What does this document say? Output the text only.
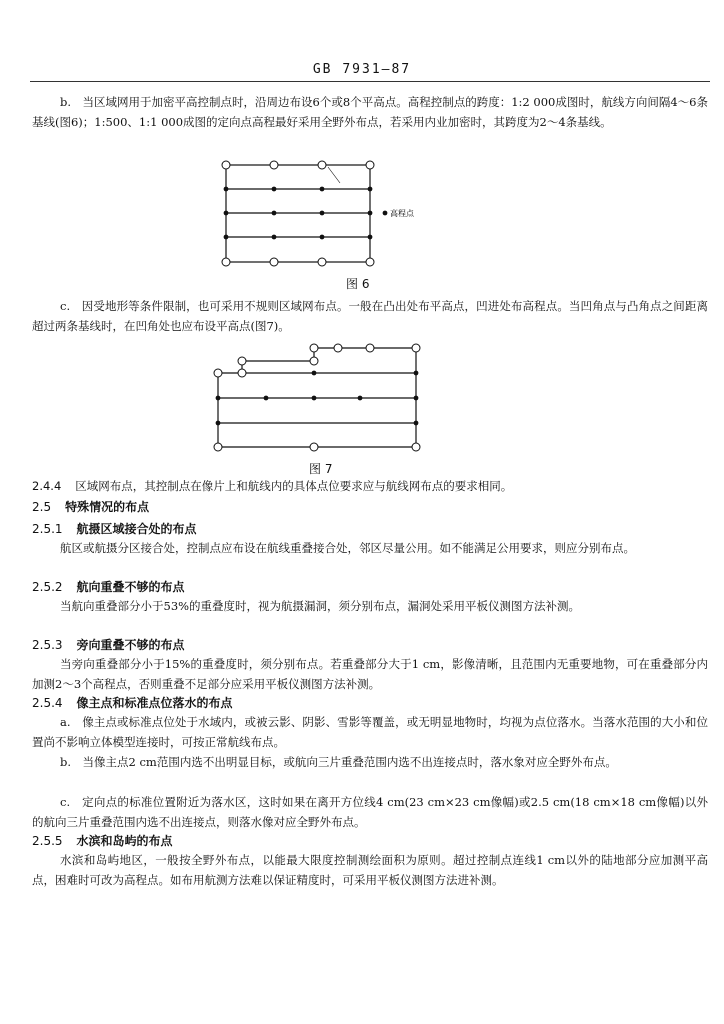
GB 7931—87
b.　当区域网用于加密平高控制点时，沿周边布设6个或8个平高点。高程控制点的跨度：1:2 000成图时，航线方向间隔4～6条基线(图6)；1:500、1:1 000成图的定向点高程最好采用全野外布点，若采用内业加密时，其跨度为2～4条基线。
高程点
图 6
c.　因受地形等条件限制，也可采用不规则区域网布点。一般在凸出处布平高点，凹进处布高程点。当凹角点与凸角点之间距离超过两条基线时，在凹角处也应布设平高点(图7)。
图 7
2.4.4 区域网布点，其控制点在像片上和航线内的具体点位要求应与航线网布点的要求相同。
2.5 特殊情况的布点
2.5.1 航摄区域接合处的布点
航区或航摄分区接合处，控制点应布设在航线重叠接合处，邻区尽量公用。如不能满足公用要求，则应分别布点。
2.5.2 航向重叠不够的布点
当航向重叠部分小于53%的重叠度时，视为航摄漏洞，须分别布点，漏洞处采用平板仪测图方法补测。
2.5.3 旁向重叠不够的布点
当旁向重叠部分小于15%的重叠度时，须分别布点。若重叠部分大于1 cm，影像清晰，且范围内无重要地物，可在重叠部分内加测2～3个高程点，否则重叠不足部分应采用平板仪测图方法补测。
2.5.4 像主点和标准点位落水的布点
a.　像主点或标准点位处于水域内，或被云影、阴影、雪影等覆盖，或无明显地物时，均视为点位落水。当落水范围的大小和位置尚不影响立体模型连接时，可按正常航线布点。
b.　当像主点2 cm范围内选不出明显目标，或航向三片重叠范围内选不出连接点时，落水象对应全野外布点。
c.　定向点的标准位置附近为落水区，这时如果在离开方位线4 cm(23 cm×23 cm像幅)或2.5 cm(18 cm×18 cm像幅)以外的航向三片重叠范围内选不出连接点，则落水像对应全野外布点。
2.5.5 水滨和岛屿的布点
水滨和岛屿地区，一般按全野外布点，以能最大限度控制测绘面积为原则。超过控制点连线1 cm以外的陆地部分应加测平高点，困难时可改为高程点。如布用航测方法难以保证精度时，可采用平板仪测图方法进补测。
